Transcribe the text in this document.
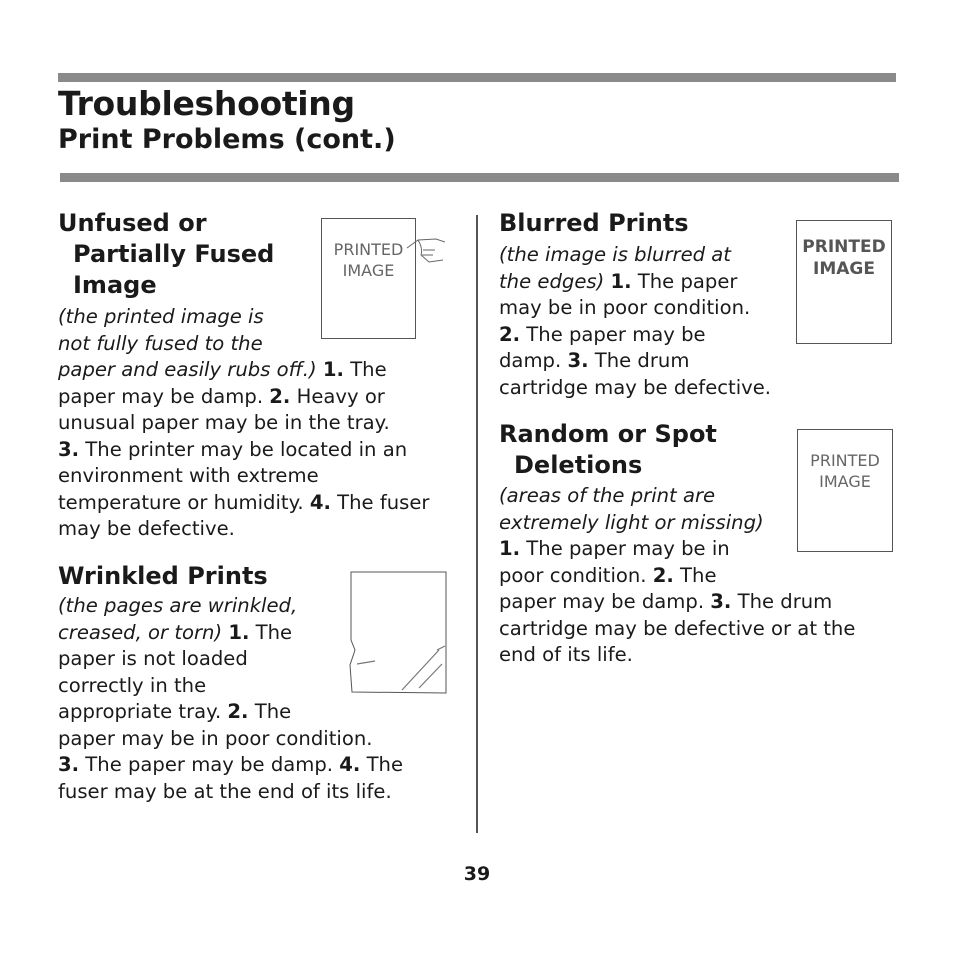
Troubleshooting
Print Problems (cont.)
Unfused or
Partially Fused
Image
PRINTED
IMAGE
(the printed image is
not fully fused to the
paper and easily rubs off.) 1. The
paper may be damp. 2. Heavy or
unusual paper may be in the tray.
3. The printer may be located in an
environment with extreme
temperature or humidity. 4. The fuser
may be defective.
Wrinkled Prints
(the pages are wrinkled,
creased, or torn) 1. The
paper is not loaded
correctly in the
appropriate tray. 2. The
paper may be in poor condition.
3. The paper may be damp. 4. The
fuser may be at the end of its life.
Blurred Prints
PRINTED
IMAGE
(the image is blurred at
the edges) 1. The paper
may be in poor condition.
2. The paper may be
damp. 3. The drum
cartridge may be defective.
Random or Spot
Deletions	PRINTED
IMAGE
(areas of the print are
extremely light or missing)
1. The paper may be in
poor condition. 2. The
paper may be damp. 3. The drum
cartridge may be defective or at the
end of its life.
39
